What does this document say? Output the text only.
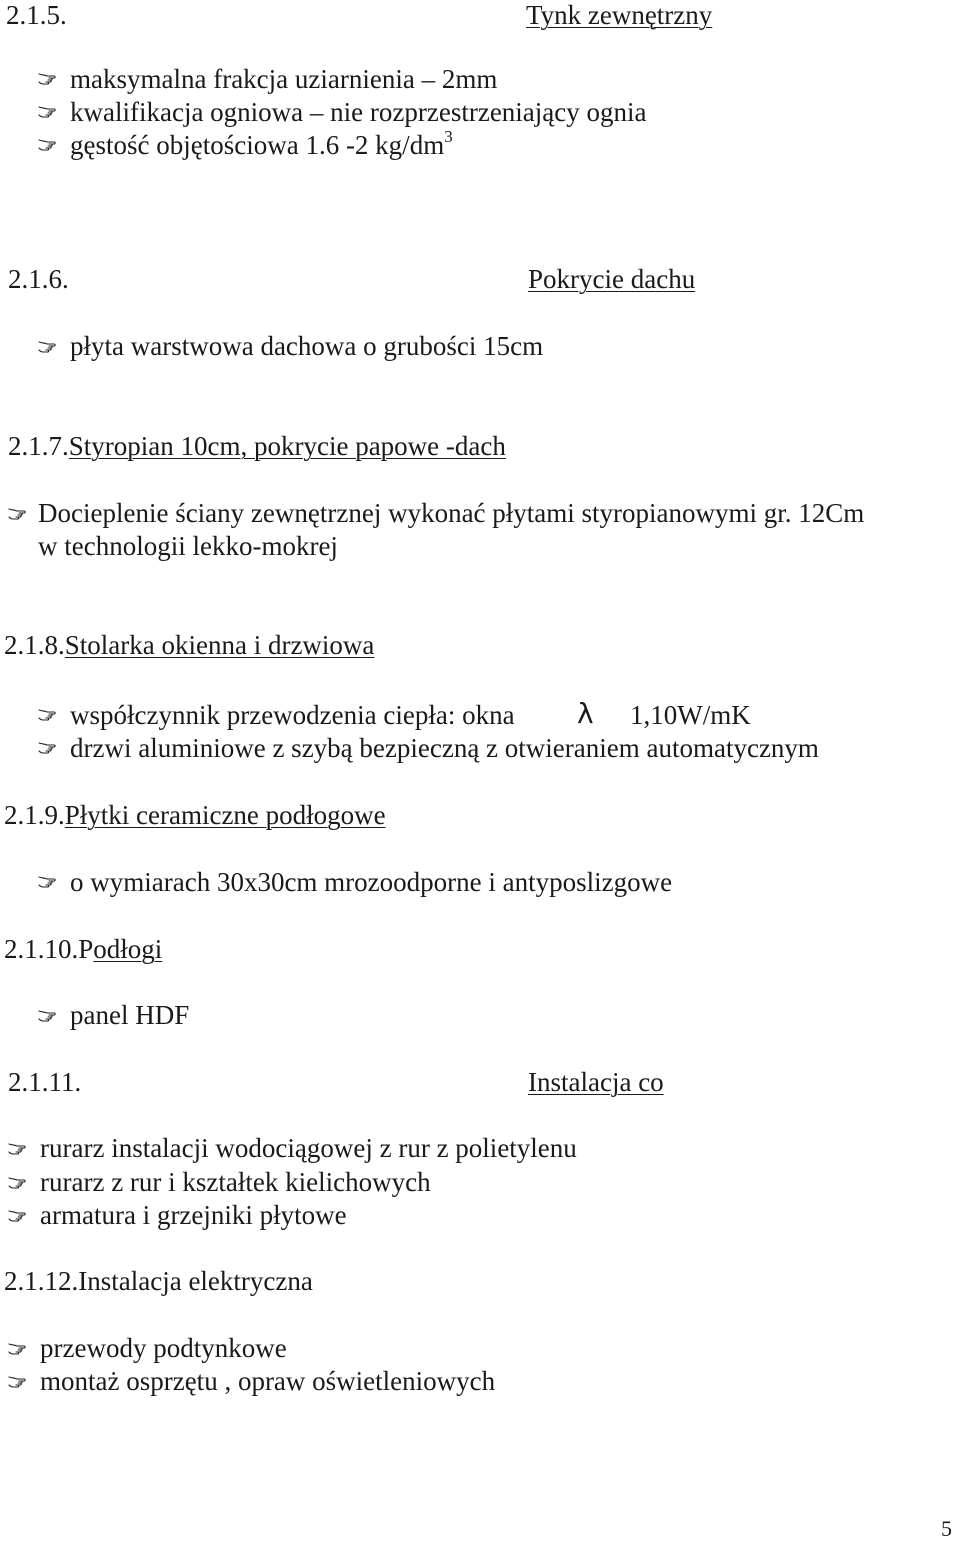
2.1.5.	Tynk zewnętrzny
maksymalna frakcja uziarnienia – 2mm
kwalifikacja ogniowa – nie rozprzestrzeniający ognia
gęstość objętościowa 1.6 -2 $kg/dm^3$
2.1.6.	Pokrycie dachu
płyta warstwowa dachowa o grubości 15cm
2.1.7.Styropian 10cm, pokrycie papowe -dach
Docieplenie ściany zewnętrznej wykonać płytami styropianowymi gr. 12Cm
w technologii lekko-mokrej
2.1.8.Stolarka okienna i drzwiowa
współczynnik przewodzenia ciepła: okna λ 1,10W/mK
drzwi aluminiowe z szybą bezpieczną z otwieraniem automatycznym
2.1.9.Płytki ceramiczne podłogowe
o wymiarach 30x30cm mrozoodporne i antyposlizgowe
2.1.10.Podłogi
panel HDF
2.1.11.	Instalacja co
rurarz instalacji wodociągowej z rur z polietylenu
rurarz z rur i kształtek kielichowych
armatura i grzejniki płytowe
2.1.12.Instalacja elektryczna
przewody podtynkowe
montaż osprzętu , opraw oświetleniowych
5
